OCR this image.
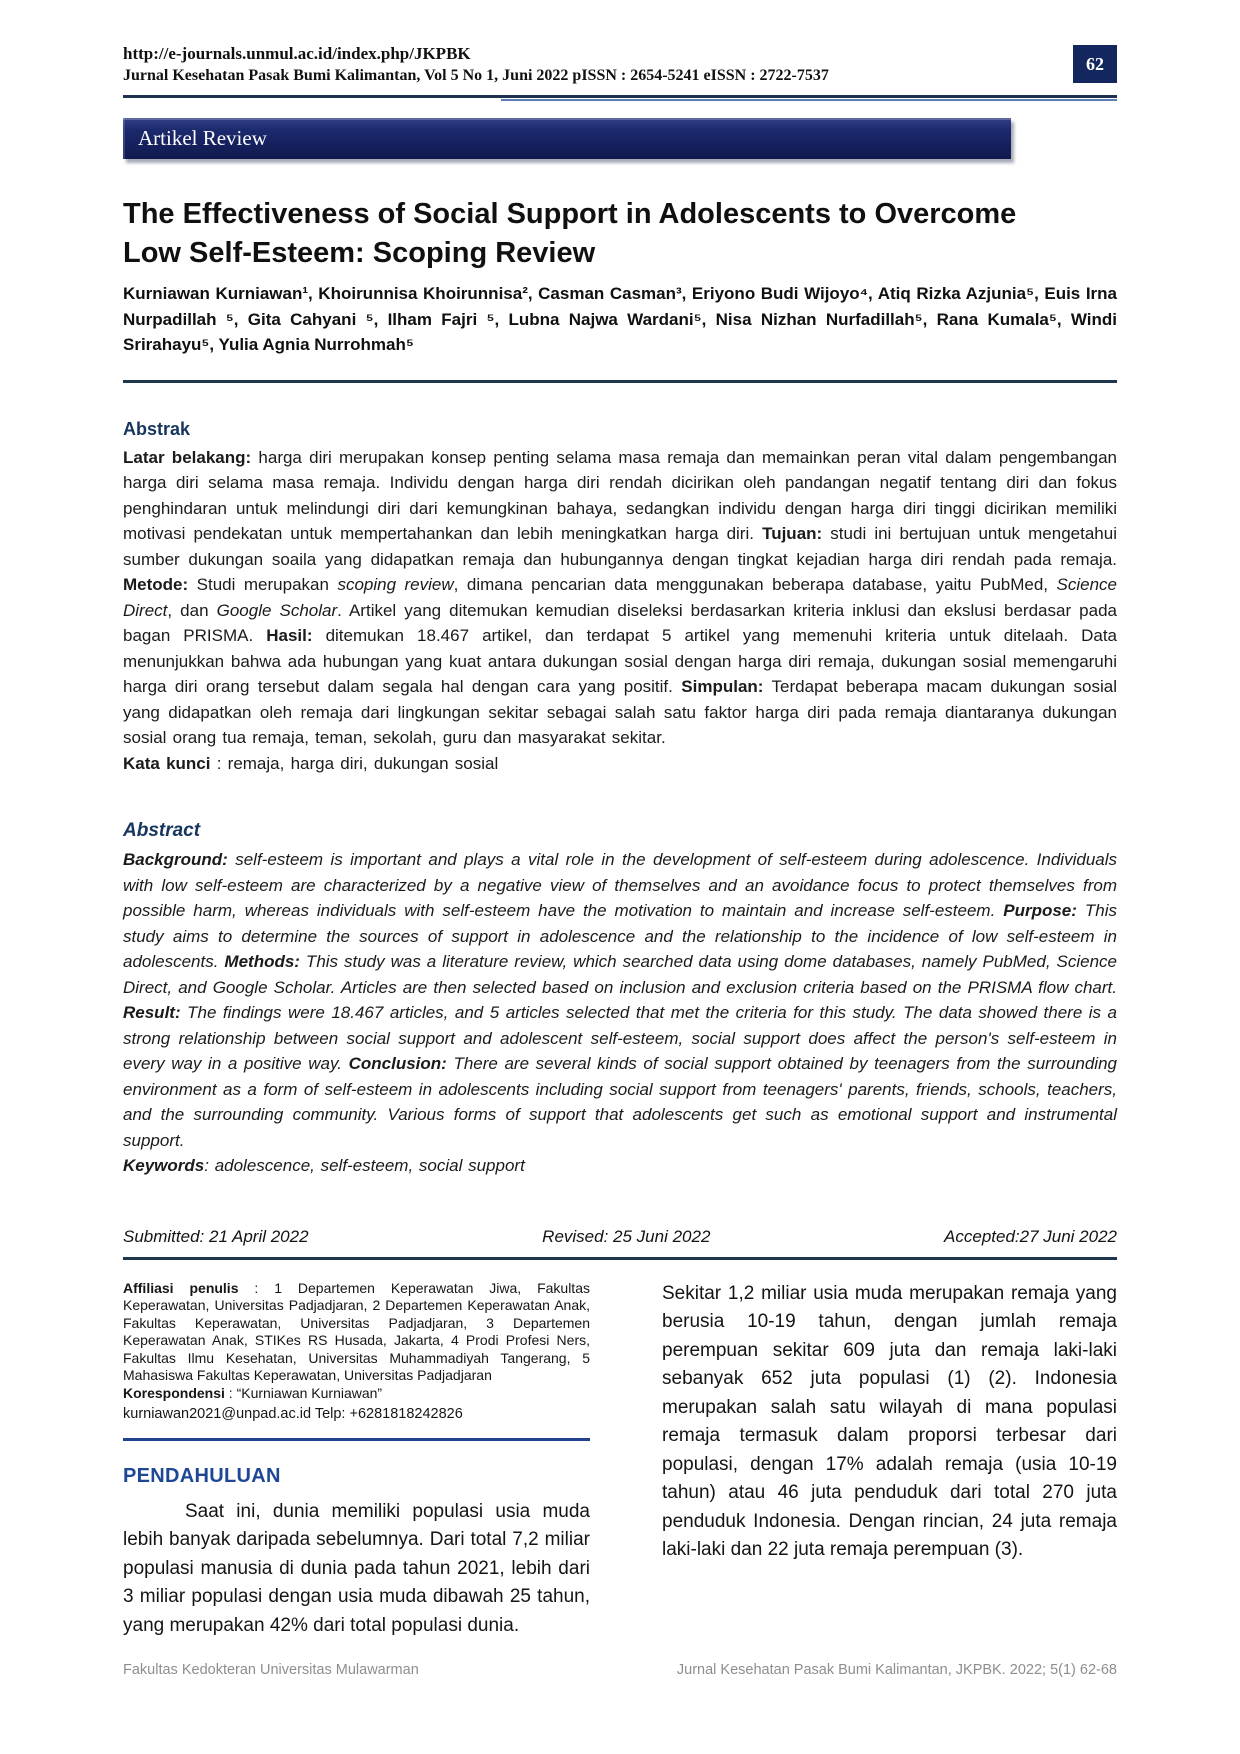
http://e-journals.unmul.ac.id/index.php/JKPBK
Jurnal Kesehatan Pasak Bumi Kalimantan, Vol 5 No 1, Juni 2022 pISSN : 2654-5241 eISSN : 2722-7537
62
Artikel Review
The Effectiveness of Social Support in Adolescents to Overcome Low Self-Esteem: Scoping Review

Kurniawan Kurniawan¹, Khoirunnisa Khoirunnisa², Casman Casman³, Eriyono Budi Wijoyo⁴, Atiq Rizka Azjunia⁵, Euis Irna Nurpadillah ⁵, Gita Cahyani ⁵, Ilham Fajri ⁵, Lubna Najwa Wardani⁵, Nisa Nizhan Nurfadillah⁵, Rana Kumala⁵, Windi Srirahayu⁵, Yulia Agnia Nurrohmah⁵

Abstrak

Latar belakang: harga diri merupakan konsep penting selama masa remaja dan memainkan peran vital dalam pengembangan harga diri selama masa remaja. Individu dengan harga diri rendah dicirikan oleh pandangan negatif tentang diri dan fokus penghindaran untuk melindungi diri dari kemungkinan bahaya, sedangkan individu dengan harga diri tinggi dicirikan memiliki motivasi pendekatan untuk mempertahankan dan lebih meningkatkan harga diri. Tujuan: studi ini bertujuan untuk mengetahui sumber dukungan soaila yang didapatkan remaja dan hubungannya dengan tingkat kejadian harga diri rendah pada remaja. Metode: Studi merupakan scoping review, dimana pencarian data menggunakan beberapa database, yaitu PubMed, Science Direct, dan Google Scholar. Artikel yang ditemukan kemudian diseleksi berdasarkan kriteria inklusi dan ekslusi berdasar pada bagan PRISMA. Hasil: ditemukan 18.467 artikel, dan terdapat 5 artikel yang memenuhi kriteria untuk ditelaah. Data menunjukkan bahwa ada hubungan yang kuat antara dukungan sosial dengan harga diri remaja, dukungan sosial memengaruhi harga diri orang tersebut dalam segala hal dengan cara yang positif. Simpulan: Terdapat beberapa macam dukungan sosial yang didapatkan oleh remaja dari lingkungan sekitar sebagai salah satu faktor harga diri pada remaja diantaranya dukungan sosial orang tua remaja, teman, sekolah, guru dan masyarakat sekitar.

Kata kunci : remaja, harga diri, dukungan sosial

Abstract

Background: self-esteem is important and plays a vital role in the development of self-esteem during adolescence. Individuals with low self-esteem are characterized by a negative view of themselves and an avoidance focus to protect themselves from possible harm, whereas individuals with self-esteem have the motivation to maintain and increase self-esteem. Purpose: This study aims to determine the sources of support in adolescence and the relationship to the incidence of low self-esteem in adolescents. Methods: This study was a literature review, which searched data using dome databases, namely PubMed, Science Direct, and Google Scholar. Articles are then selected based on inclusion and exclusion criteria based on the PRISMA flow chart. Result: The findings were 18.467 articles, and 5 articles selected that met the criteria for this study. The data showed there is a strong relationship between social support and adolescent self-esteem, social support does affect the person's self-esteem in every way in a positive way. Conclusion: There are several kinds of social support obtained by teenagers from the surrounding environment as a form of self-esteem in adolescents including social support from teenagers' parents, friends, schools, teachers, and the surrounding community. Various forms of support that adolescents get such as emotional support and instrumental support.

Keywords: adolescence, self-esteem, social support

Submitted: 21 April 2022	Revised: 25 Juni 2022	Accepted:27 Juni 2022

Affiliasi penulis : 1 Departemen Keperawatan Jiwa, Fakultas Keperawatan, Universitas Padjadjaran, 2 Departemen Keperawatan Anak, Fakultas Keperawatan, Universitas Padjadjaran, 3 Departemen Keperawatan Anak, STIKes RS Husada, Jakarta, 4 Prodi Profesi Ners, Fakultas Ilmu Kesehatan, Universitas Muhammadiyah Tangerang, 5 Mahasiswa Fakultas Keperawatan, Universitas Padjadjaran

Korespondensi : “Kurniawan Kurniawan”

kurniawan2021@unpad.ac.id Telp: +6281818242826

PENDAHULUAN

Saat ini, dunia memiliki populasi usia muda lebih banyak daripada sebelumnya. Dari total 7,2 miliar populasi manusia di dunia pada tahun 2021, lebih dari 3 miliar populasi dengan usia muda dibawah 25 tahun, yang merupakan 42% dari total populasi dunia.

Sekitar 1,2 miliar usia muda merupakan remaja yang berusia 10-19 tahun, dengan jumlah remaja perempuan sekitar 609 juta dan remaja laki-laki sebanyak 652 juta populasi (1) (2). Indonesia merupakan salah satu wilayah di mana populasi remaja termasuk dalam proporsi terbesar dari populasi, dengan 17% adalah remaja (usia 10-19 tahun) atau 46 juta penduduk dari total 270 juta penduduk Indonesia. Dengan rincian, 24 juta remaja laki-laki dan 22 juta remaja perempuan (3).

Fakultas Kedokteran Universitas Mulawarman	Jurnal Kesehatan Pasak Bumi Kalimantan, JKPBK. 2022; 5(1) 62-68
